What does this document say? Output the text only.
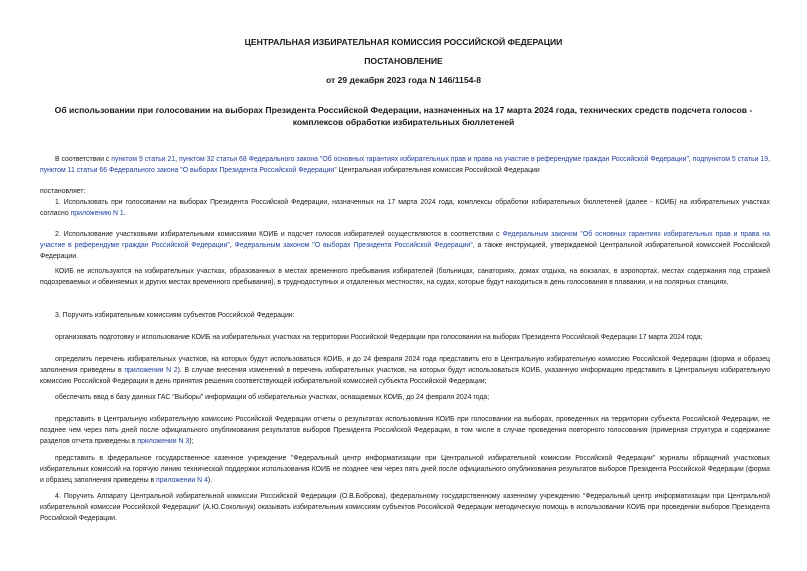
ЦЕНТРАЛЬНАЯ ИЗБИРАТЕЛЬНАЯ КОМИССИЯ РОССИЙСКОЙ ФЕДЕРАЦИИ
ПОСТАНОВЛЕНИЕ
от 29 декабря 2023 года N 146/1154-8
Об использовании при голосовании на выборах Президента Российской Федерации, назначенных на 17 марта 2024 года, технических средств подсчета голосов - комплексов обработки избирательных бюллетеней
В соответствии с пунктом 9 статьи 21, пунктом 32 статьи 68 Федерального закона "Об основных гарантиях избирательных прав и права на участие в референдуме граждан Российской Федерации", подпунктом 5 статьи 19, пунктом 11 статьи 66 Федерального закона "О выборах Президента Российской Федерации" Центральная избирательная комиссия Российской Федерации
постановляет:
1. Использовать при голосовании на выборах Президента Российской Федерации, назначенных на 17 марта 2024 года, комплексы обработки избирательных бюллетеней (далее - КОИБ) на избирательных участках согласно приложению N 1.
2. Использование участковыми избирательными комиссиями КОИБ и подсчет голосов избирателей осуществляются в соответствии с Федеральным законом "Об основных гарантиях избирательных прав и права на участие в референдуме граждан Российской Федерации", Федеральным законом "О выборах Президента Российской Федерации", а также инструкцией, утверждаемой Центральной избирательной комиссией Российской Федерации.
КОИБ не используются на избирательных участках, образованных в местах временного пребывания избирателей (больницах, санаториях, домах отдыха, на вокзалах, в аэропортах, местах содержания под стражей подозреваемых и обвиняемых и других местах временного пребывания), в труднодоступных и отдаленных местностях, на судах, которые будут находиться в день голосования в плавании, и на полярных станциях.
3. Поручить избирательным комиссиям субъектов Российской Федерации:
организовать подготовку и использование КОИБ на избирательных участках на территории Российской Федерации при голосовании на выборах Президента Российской Федерации 17 марта 2024 года;
определить перечень избирательных участков, на которых будут использоваться КОИБ, и до 24 февраля 2024 года представить его в Центральную избирательную комиссию Российской Федерации (форма и образец заполнения приведены в приложении N 2). В случае внесения изменений в перечень избирательных участков, на которых будут использоваться КОИБ, указанную информацию представить в Центральную избирательную комиссию Российской Федерации в день принятия решения соответствующей избирательной комиссией субъекта Российской Федерации;
обеспечить ввод в базу данных ГАС "Выборы" информации об избирательных участках, оснащаемых КОИБ, до 24 февраля 2024 года;
представить в Центральную избирательную комиссию Российской Федерации отчеты о результатах использования КОИБ при голосовании на выборах, проведенных на территории субъекта Российской Федерации, не позднее чем через пять дней после официального опубликования результатов выборов Президента Российской Федерации, в том числе в случае проведения повторного голосования (примерная структура и содержание разделов отчета приведены в приложении N 3);
представить в федеральное государственное казенное учреждение "Федеральный центр информатизации при Центральной избирательной комиссии Российской Федерации" журналы обращений участковых избирательных комиссий на горячую линию технической поддержки использования КОИБ не позднее чем через пять дней после официального опубликования результатов выборов Президента Российской Федерации (форма и образец заполнения приведены в приложении N 4).
4. Поручить Аппарату Центральной избирательной комиссии Российской Федерации (О.В.Боброва), федеральному государственному казенному учреждению "Федеральный центр информатизации при Центральной избирательной комиссии Российской Федерации" (А.Ю.Сокольчук) оказывать избирательным комиссиям субъектов Российской Федерации методическую помощь в использовании КОИБ при проведении выборов Президента Российской Федерации.
